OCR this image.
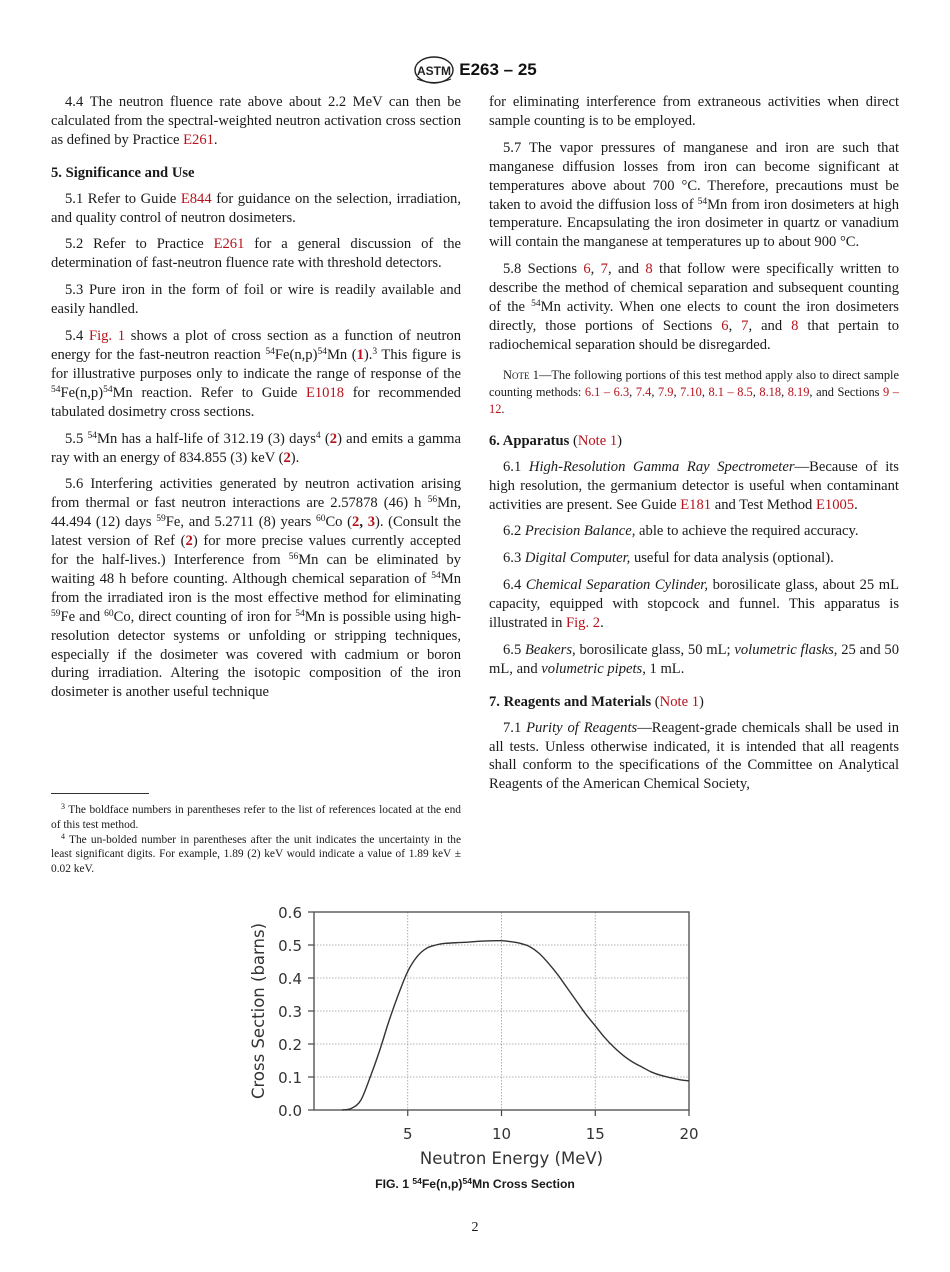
ASTM E263 – 25

4.4 The neutron fluence rate above about 2.2 MeV can then be calculated from the spectral-weighted neutron activation cross section as defined by Practice E261.

5. Significance and Use

5.1 Refer to Guide E844 for guidance on the selection, irradiation, and quality control of neutron dosimeters.

5.2 Refer to Practice E261 for a general discussion of the determination of fast-neutron fluence rate with threshold detectors.

5.3 Pure iron in the form of foil or wire is readily available and easily handled.

5.4 Fig. 1 shows a plot of cross section as a function of neutron energy for the fast-neutron reaction $^{54}Fe(n,p)^{54}Mn$ (1).$^3$ This figure is for illustrative purposes only to indicate the range of response of the $^{54}Fe(n,p)^{54}Mn$ reaction. Refer to Guide E1018 for recommended tabulated dosimetry cross sections.

5.5 $^{54}$Mn has a half-life of 312.19 (3) days$^4$ (2) and emits a gamma ray with an energy of 834.855 (3) keV (2).

5.6 Interfering activities generated by neutron activation arising from thermal or fast neutron interactions are 2.57878 (46) h $^{56}$Mn, 44.494 (12) days $^{59}$Fe, and 5.2711 (8) years $^{60}$Co (2, 3). (Consult the latest version of Ref (2) for more precise values currently accepted for the half-lives.) Interference from $^{56}$Mn can be eliminated by waiting 48 h before counting. Although chemical separation of $^{54}$Mn from the irradiated iron is the most effective method for eliminating $^{59}$Fe and $^{60}$Co, direct counting of iron for $^{54}$Mn is possible using high-resolution detector systems or unfolding or stripping techniques, especially if the dosimeter was covered with cadmium or boron during irradiation. Altering the isotopic composition of the iron dosimeter is another useful technique

$^3$ The boldface numbers in parentheses refer to the list of references located at the end of this test method.

$^4$ The un-bolded number in parentheses after the unit indicates the uncertainty in the least significant digits. For example, 1.89 (2) keV would indicate a value of 1.89 keV ± 0.02 keV.

for eliminating interference from extraneous activities when direct sample counting is to be employed.

5.7 The vapor pressures of manganese and iron are such that manganese diffusion losses from iron can become significant at temperatures above about 700 °C. Therefore, precautions must be taken to avoid the diffusion loss of $^{54}$Mn from iron dosimeters at high temperature. Encapsulating the iron dosimeter in quartz or vanadium will contain the manganese at temperatures up to about 900 °C.

5.8 Sections 6, 7, and 8 that follow were specifically written to describe the method of chemical separation and subsequent counting of the $^{54}$Mn activity. When one elects to count the iron dosimeters directly, those portions of Sections 6, 7, and 8 that pertain to radiochemical separation should be disregarded.

Note 1—The following portions of this test method apply also to direct sample counting methods: 6.1 – 6.3, 7.4, 7.9, 7.10, 8.1 – 8.5, 8.18, 8.19, and Sections 9 – 12.

6. Apparatus (Note 1)

6.1 High-Resolution Gamma Ray Spectrometer—Because of its high resolution, the germanium detector is useful when contaminant activities are present. See Guide E181 and Test Method E1005.

6.2 Precision Balance, able to achieve the required accuracy.

6.3 Digital Computer, useful for data analysis (optional).

6.4 Chemical Separation Cylinder, borosilicate glass, about 25 mL capacity, equipped with stopcock and funnel. This apparatus is illustrated in Fig. 2.

6.5 Beakers, borosilicate glass, 50 mL; volumetric flasks, 25 and 50 mL, and volumetric pipets, 1 mL.

7. Reagents and Materials (Note 1)

7.1 Purity of Reagents—Reagent-grade chemicals shall be used in all tests. Unless otherwise indicated, it is intended that all reagents shall conform to the specifications of the Committee on Analytical Reagents of the American Chemical Society,

0.0
0.1
0.2
0.3
0.4
0.5
0.6
5	10	15	20
Neutron Energy (MeV)
Cross Section (barns)
FIG. 1 $^{54}Fe(n,p)^{54}Mn$ Cross Section
2
